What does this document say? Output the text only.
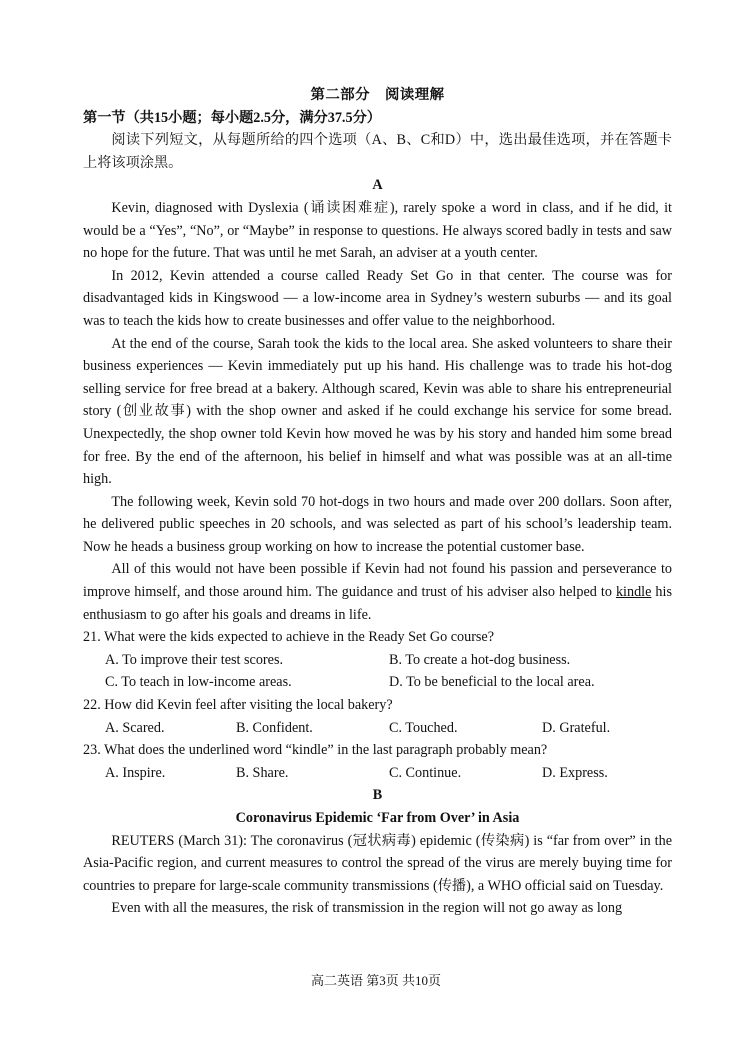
第二部分　阅读理解
第一节（共15小题；每小题2.5分，满分37.5分）

阅读下列短文，从每题所给的四个选项（A、B、C和D）中，选出最佳选项，并在答题卡上将该项涂黑。

A

Kevin, diagnosed with Dyslexia (诵读困难症), rarely spoke a word in class, and if he did, it would be a “Yes”, “No”, or “Maybe” in response to questions. He always scored badly in tests and saw no hope for the future. That was until he met Sarah, an adviser at a youth center.

In 2012, Kevin attended a course called Ready Set Go in that center. The course was for disadvantaged kids in Kingswood — a low-income area in Sydney’s western suburbs — and its goal was to teach the kids how to create businesses and offer value to the neighborhood.

At the end of the course, Sarah took the kids to the local area. She asked volunteers to share their business experiences — Kevin immediately put up his hand. His challenge was to trade his hot-dog selling service for free bread at a bakery. Although scared, Kevin was able to share his entrepreneurial story (创业故事) with the shop owner and asked if he could exchange his service for some bread. Unexpectedly, the shop owner told Kevin how moved he was by his story and handed him some bread for free. By the end of the afternoon, his belief in himself and what was possible was at an all-time high.

The following week, Kevin sold 70 hot-dogs in two hours and made over 200 dollars. Soon after, he delivered public speeches in 20 schools, and was selected as part of his school’s leadership team. Now he heads a business group working on how to increase the potential customer base.

All of this would not have been possible if Kevin had not found his passion and perseverance to improve himself, and those around him. The guidance and trust of his adviser also helped to kindle his enthusiasm to go after his goals and dreams in life.

21. What were the kids expected to achieve in the Ready Set Go course?
A. To improve their test scores.	B. To create a hot-dog business.
C. To teach in low-income areas.	D. To be beneficial to the local area.
22. How did Kevin feel after visiting the local bakery?
A. Scared.	B. Confident.	C. Touched.	D. Grateful.
23. What does the underlined word “kindle” in the last paragraph probably mean?
A. Inspire.	B. Share.	C. Continue.	D. Express.
B
Coronavirus Epidemic ‘Far from Over’ in Asia

REUTERS (March 31): The coronavirus (冠状病毒) epidemic (传染病) is “far from over” in the Asia-Pacific region, and current measures to control the spread of the virus are merely buying time for countries to prepare for large-scale community transmissions (传播), a WHO official said on Tuesday.

Even with all the measures, the risk of transmission in the region will not go away as long

高二英语 第3页 共10页
